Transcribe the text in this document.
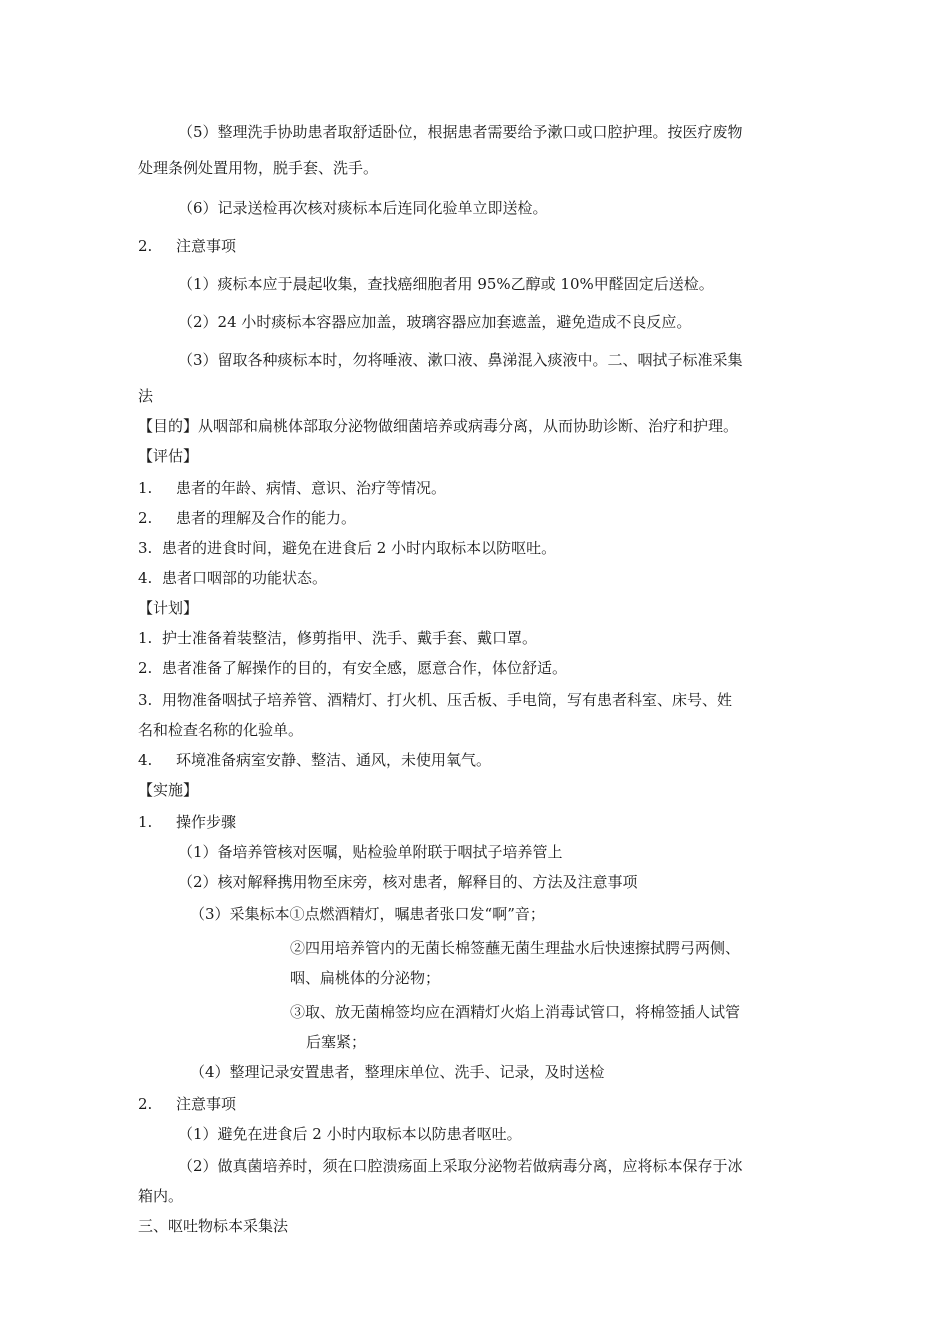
（5）整理洗手协助患者取舒适卧位，根据患者需要给予漱口或口腔护理。按医疗废物
处理条例处置用物，脱手套、洗手。
（6）记录送检再次核对痰标本后连同化验单立即送检。
2. 注意事项
（1）痰标本应于晨起收集，查找癌细胞者用 95%乙醇或 10%甲醛固定后送检。
（2）24 小时痰标本容器应加盖，玻璃容器应加套遮盖，避免造成不良反应。
（3）留取各种痰标本时，勿将唾液、漱口液、鼻涕混入痰液中。二、咽拭子标准采集
法
【目的】从咽部和扁桃体部取分泌物做细菌培养或病毒分离，从而协助诊断、治疗和护理。
【评估】
1. 患者的年龄、病情、意识、治疗等情况。
2. 患者的理解及合作的能力。
3. 患者的进食时间，避免在进食后 2 小时内取标本以防呕吐。
4. 患者口咽部的功能状态。
【计划】
1. 护士准备着装整洁，修剪指甲、洗手、戴手套、戴口罩。
2. 患者准备了解操作的目的，有安全感，愿意合作，体位舒适。
3. 用物准备咽拭子培养管、酒精灯、打火机、压舌板、手电筒，写有患者科室、床号、姓
名和检查名称的化验单。
4. 环境准备病室安静、整洁、通风，未使用氧气。
【实施】
1. 操作步骤
（1）备培养管核对医嘱，贴检验单附联于咽拭子培养管上
（2）核对解释携用物至床旁，核对患者，解释目的、方法及注意事项
（3）采集标本①点燃酒精灯，嘱患者张口发“啊”音；
②四用培养管内的无菌长棉签蘸无菌生理盐水后快速擦拭腭弓两侧、
咽、扁桃体的分泌物；
③取、放无菌棉签均应在酒精灯火焰上消毒试管口，将棉签插人试管
后塞紧；
（4）整理记录安置患者，整理床单位、洗手、记录，及时送检
2. 注意事项
（1）避免在进食后 2 小时内取标本以防患者呕吐。
（2）做真菌培养时，须在口腔溃疡面上采取分泌物若做病毒分离，应将标本保存于冰
箱内。
三、呕吐物标本采集法
